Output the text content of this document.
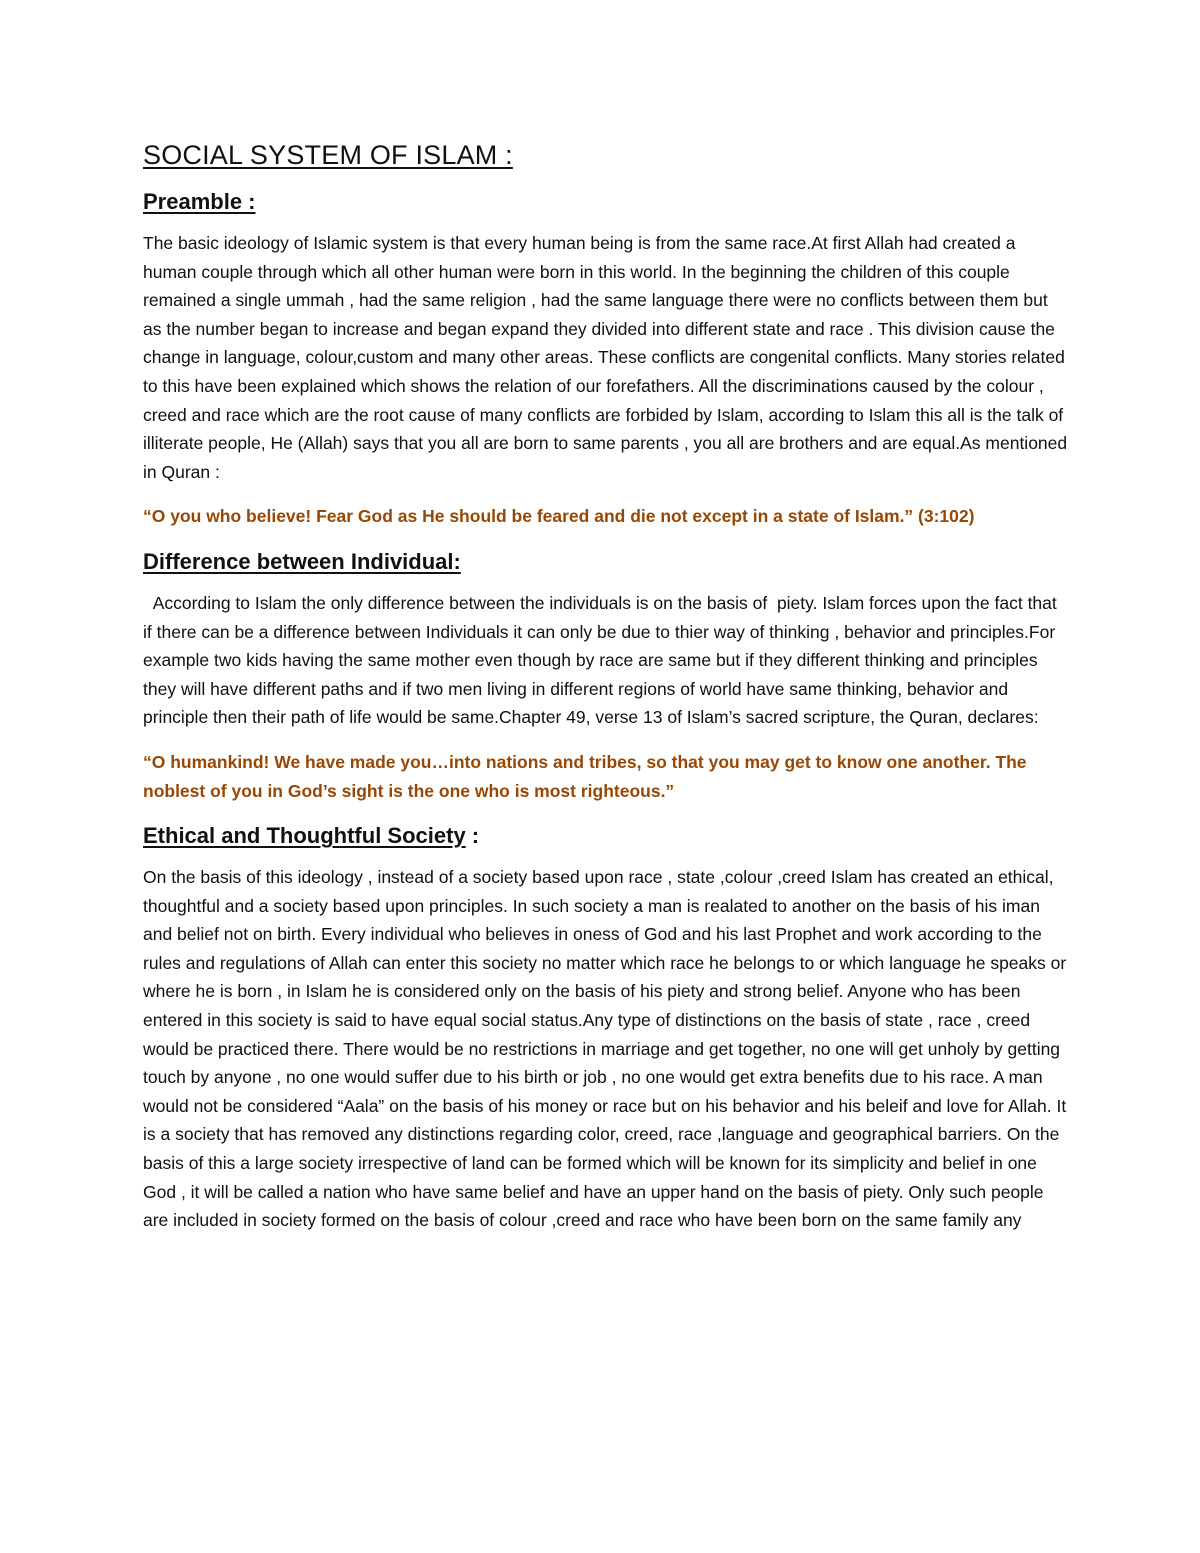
SOCIAL SYSTEM OF ISLAM :
Preamble :

The basic ideology of Islamic system is that every human being is from the same race.At first Allah had created a human couple through which all other human were born in this world. In the beginning the children of this couple remained a single ummah , had the same religion , had the same language there were no conflicts between them but as the number began to increase and began expand they divided into different state and race . This division cause the change in language, colour,custom and many other areas. These conflicts are congenital conflicts. Many stories related to this have been explained which shows the relation of our forefathers. All the discriminations caused by the colour , creed and race which are the root cause of many conflicts are forbided by Islam, according to Islam this all is the talk of illiterate people, He (Allah) says that you all are born to same parents , you all are brothers and are equal.As mentioned in Quran :

“O you who believe! Fear God as He should be feared and die not except in a state of Islam.” (3:102)

Difference between Individual:

According to Islam the only difference between the individuals is on the basis of  piety. Islam forces upon the fact that if there can be a difference between Individuals it can only be due to thier way of thinking , behavior and principles.For example two kids having the same mother even though by race are same but if they different thinking and principles they will have different paths and if two men living in different regions of world have same thinking, behavior and principle then their path of life would be same.Chapter 49, verse 13 of Islam’s sacred scripture, the Quran, declares:

“O humankind! We have made you…into nations and tribes, so that you may get to know one another. The noblest of you in God’s sight is the one who is most righteous.”

Ethical and Thoughtful Society :

On the basis of this ideology , instead of a society based upon race , state ,colour ,creed Islam has created an ethical, thoughtful and a society based upon principles. In such society a man is realated to another on the basis of his iman and belief not on birth. Every individual who believes in oness of God and his last Prophet and work according to the rules and regulations of Allah can enter this society no matter which race he belongs to or which language he speaks or where he is born , in Islam he is considered only on the basis of his piety and strong belief. Anyone who has been entered in this society is said to have equal social status.Any type of distinctions on the basis of state , race , creed would be practiced there. There would be no restrictions in marriage and get together, no one will get unholy by getting touch by anyone , no one would suffer due to his birth or job , no one would get extra benefits due to his race. A man would not be considered “Aala” on the basis of his money or race but on his behavior and his beleif and love for Allah. It is a society that has removed any distinctions regarding color, creed, race ,language and geographical barriers. On the basis of this a large society irrespective of land can be formed which will be known for its simplicity and belief in one God , it will be called a nation who have same belief and have an upper hand on the basis of piety. Only such people are included in society formed on the basis of colour ,creed and race who have been born on the same family any
